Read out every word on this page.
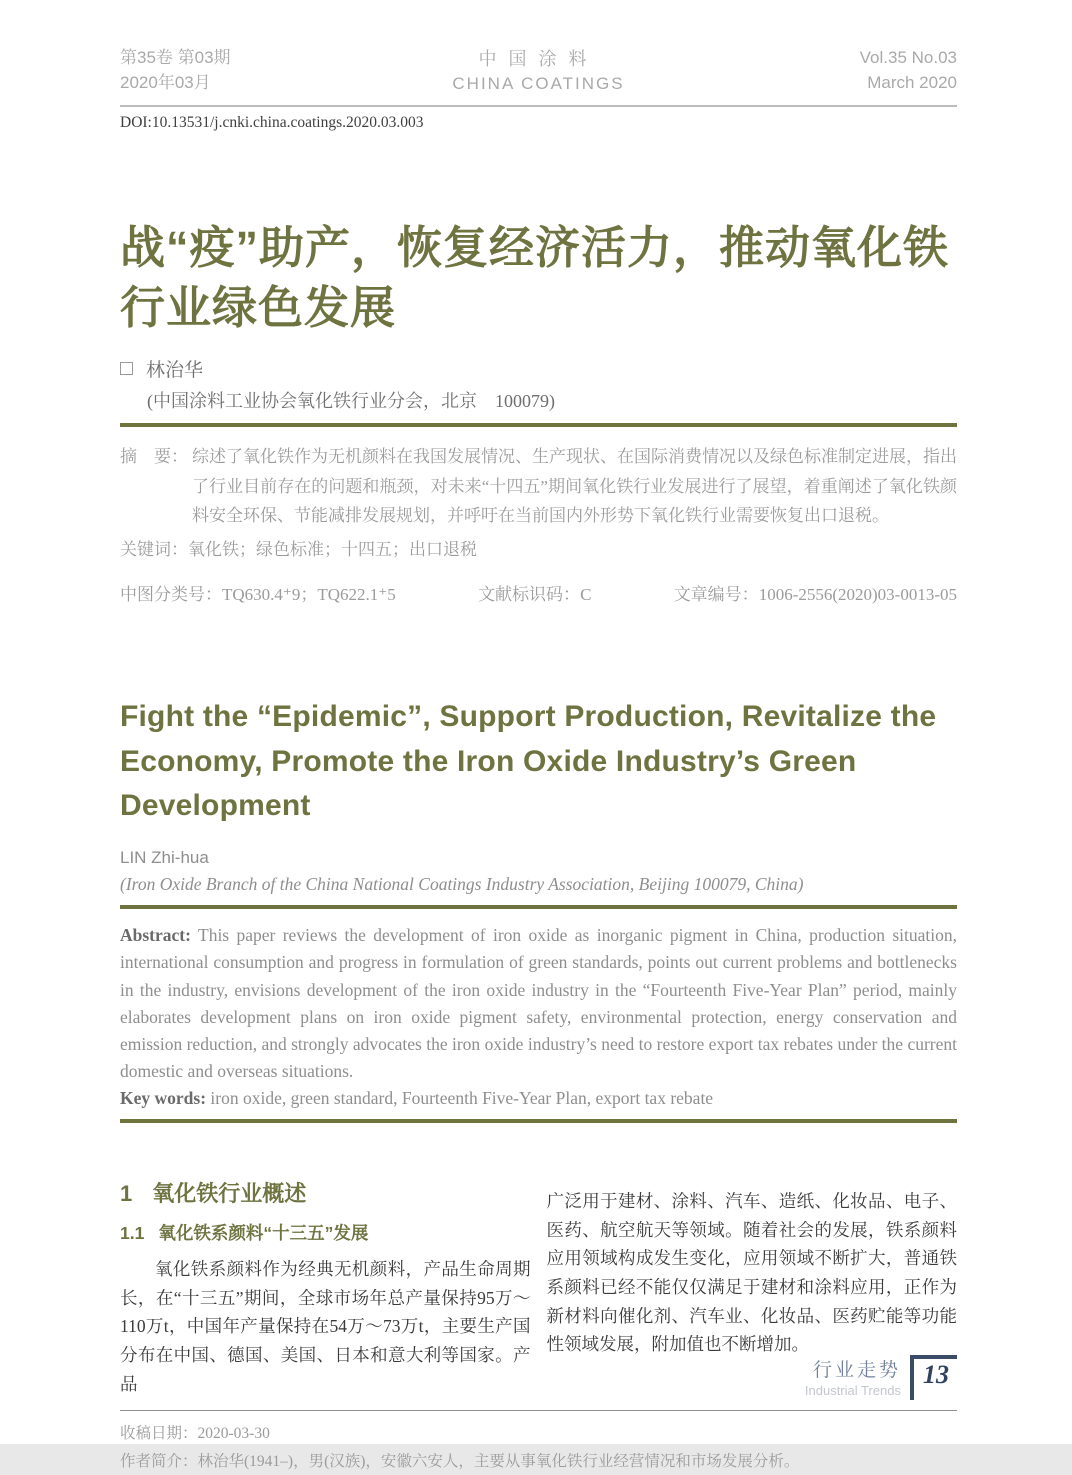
第35卷 第03期
2020年03月
中国涂料
CHINA COATINGS
Vol.35 No.03
March 2020
DOI:10.13531/j.cnki.china.coatings.2020.03.003
战“疫”助产，恢复经济活力，推动氧化铁
行业绿色发展
林治华
(中国涂料工业协会氧化铁行业分会，北京　100079)
摘　要： 综述了氧化铁作为无机颜料在我国发展情况、生产现状、在国际消费情况以及绿色标准制定进展，指出了行业目前存在的问题和瓶颈，对未来“十四五”期间氧化铁行业发展进行了展望，着重阐述了氧化铁颜料安全环保、节能减排发展规划，并呼吁在当前国内外形势下氧化铁行业需要恢复出口退税。
关键词：氧化铁；绿色标准；十四五；出口退税
中图分类号：TQ630.4⁺9；TQ622.1⁺5	文献标识码：C	文章编号：1006-2556(2020)03-0013-05
Fight the “Epidemic”, Support Production, Revitalize the Economy, Promote the Iron Oxide Industry’s Green Development
LIN Zhi-hua
(Iron Oxide Branch of the China National Coatings Industry Association, Beijing 100079, China)
Abstract: This paper reviews the development of iron oxide as inorganic pigment in China, production situation, international consumption and progress in formulation of green standards, points out current problems and bottlenecks in the industry, envisions development of the iron oxide industry in the “Fourteenth Five-Year Plan” period, mainly elaborates development plans on iron oxide pigment safety, environmental protection, energy conservation and emission reduction, and strongly advocates the iron oxide industry’s need to restore export tax rebates under the current domestic and overseas situations.
Key words: iron oxide, green standard, Fourteenth Five-Year Plan, export tax rebate
1 氧化铁行业概述
1.1 氧化铁系颜料“十三五”发展

氧化铁系颜料作为经典无机颜料，产品生命周期长，在“十三五”期间，全球市场年总产量保持95万～110万t，中国年产量保持在54万～73万t，主要生产国分布在中国、德国、美国、日本和意大利等国家。产品

广泛用于建材、涂料、汽车、造纸、化妆品、电子、医药、航空航天等领域。随着社会的发展，铁系颜料应用领域构成发生变化，应用领域不断扩大，普通铁系颜料已经不能仅仅满足于建材和涂料应用，正作为新材料向催化剂、汽车业、化妆品、医药贮能等功能性领域发展，附加值也不断增加。

收稿日期：2020-03-30
作者简介：林治华(1941–)，男(汉族)，安徽六安人，主要从事氧化铁行业经营情况和市场发展分析。
行业走势
Industrial Trends
13
